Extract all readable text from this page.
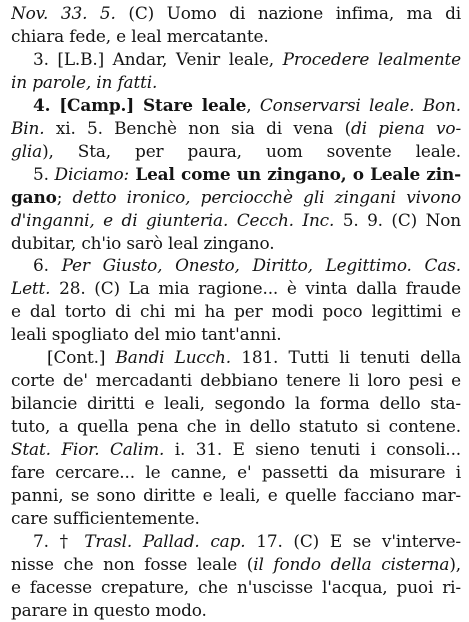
Nov. 33. 5. (C) Uomo di nazione infima, ma di
chiara fede, e leal mercatante.
3. [L.B.] Andar, Venir leale, Procedere lealmente
in parole, in fatti.
4. [Camp.] Stare leale, Conservarsi leale. Bon.
Bin. xi. 5. Benchè non sia di vena (di piena vo-
glia), Sta, per paura, uom sovente leale.
5. Diciamo: Leal come un zingano, o Leale zin-
gano; detto ironico, perciocchè gli zingani vivono
d'inganni, e di giunteria. Cecch. Inc. 5. 9. (C) Non
dubitar, ch'io sarò leal zingano.
6. Per Giusto, Onesto, Diritto, Legittimo. Cas.
Lett. 28. (C) La mia ragione... è vinta dalla fraude
e dal torto di chi mi ha per modi poco legittimi e
leali spogliato del mio tant'anni.
[Cont.] Bandi Lucch. 181. Tutti li tenuti della
corte de' mercadanti debbiano tenere li loro pesi e
bilancie diritti e leali, segondo la forma dello sta-
tuto, a quella pena che in dello statuto si contene.
Stat. Fior. Calim. i. 31. E sieno tenuti i consoli...
fare cercare... le canne, e' passetti da misurare i
panni, se sono diritte e leali, e quelle facciano mar-
care sufficientemente.
7. † Trasl. Pallad. cap. 17. (C) E se v'interve-
nisse che non fosse leale (il fondo della cisterna),
e facesse crepature, che n'uscisse l'acqua, puoi ri-
parare in questo modo.
